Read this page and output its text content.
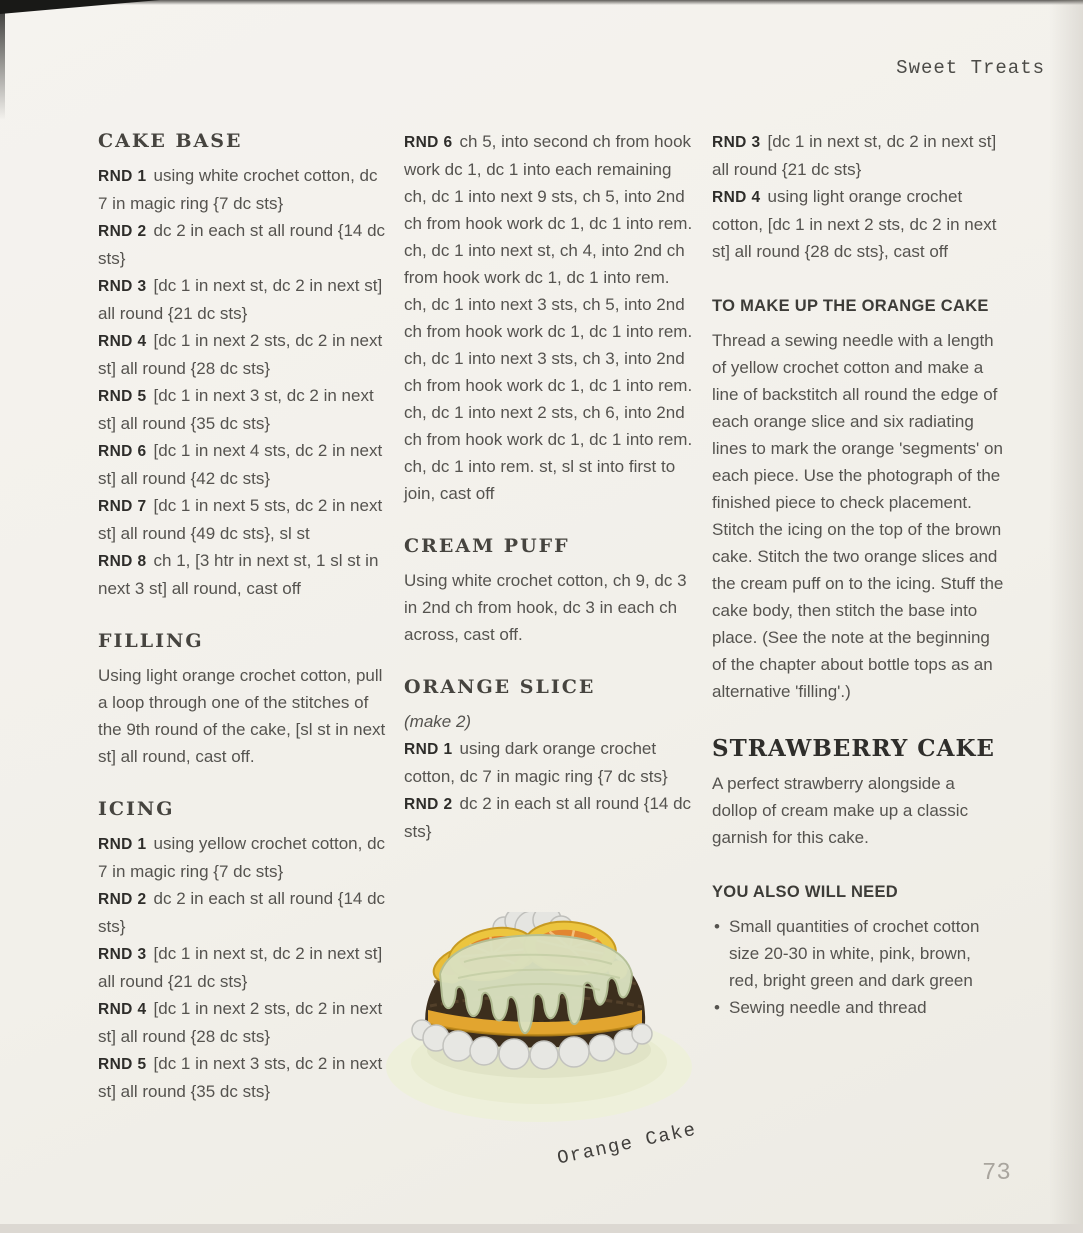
Sweet Treats
CAKE BASE

RND 1 using white crochet cotton, dc 7 in magic ring {7 dc sts}

RND 2 dc 2 in each st all round {14 dc sts}

RND 3 [dc 1 in next st, dc 2 in next st] all round {21 dc sts}

RND 4 [dc 1 in next 2 sts, dc 2 in next st] all round {28 dc sts}

RND 5 [dc 1 in next 3 st, dc 2 in next st] all round {35 dc sts}

RND 6 [dc 1 in next 4 sts, dc 2 in next st] all round {42 dc sts}

RND 7 [dc 1 in next 5 sts, dc 2 in next st] all round {49 dc sts}, sl st

RND 8 ch 1, [3 htr in next st, 1 sl st in next 3 st] all round, cast off

FILLING

Using light orange crochet cotton, pull a loop through one of the stitches of the 9th round of the cake, [sl st in next st] all round, cast off.

ICING

RND 1 using yellow crochet cotton, dc 7 in magic ring {7 dc sts}

RND 2 dc 2 in each st all round {14 dc sts}

RND 3 [dc 1 in next st, dc 2 in next st] all round {21 dc sts}

RND 4 [dc 1 in next 2 sts, dc 2 in next st] all round {28 dc sts}

RND 5 [dc 1 in next 3 sts, dc 2 in next st] all round {35 dc sts}

RND 6 ch 5, into second ch from hook work dc 1, dc 1 into each remaining ch, dc 1 into next 9 sts, ch 5, into 2nd ch from hook work dc 1, dc 1 into rem. ch, dc 1 into next st, ch 4, into 2nd ch from hook work dc 1, dc 1 into rem. ch, dc 1 into next 3 sts, ch 5, into 2nd ch from hook work dc 1, dc 1 into rem. ch, dc 1 into next 3 sts, ch 3, into 2nd ch from hook work dc 1, dc 1 into rem. ch, dc 1 into next 2 sts, ch 6, into 2nd ch from hook work dc 1, dc 1 into rem. ch, dc 1 into rem. st, sl st into first to join, cast off

CREAM PUFF

Using white crochet cotton, ch 9, dc 3 in 2nd ch from hook, dc 3 in each ch across, cast off.

ORANGE SLICE

(make 2)

RND 1 using dark orange crochet cotton, dc 7 in magic ring {7 dc sts}

RND 2 dc 2 in each st all round {14 dc sts}

RND 3 [dc 1 in next st, dc 2 in next st] all round {21 dc sts}

RND 4 using light orange crochet cotton, [dc 1 in next 2 sts, dc 2 in next st] all round {28 dc sts}, cast off

TO MAKE UP THE ORANGE CAKE

Thread a sewing needle with a length of yellow crochet cotton and make a line of backstitch all round the edge of each orange slice and six radiating lines to mark the orange 'segments' on each piece. Use the photograph of the finished piece to check placement. Stitch the icing on the top of the brown cake. Stitch the two orange slices and the cream puff on to the icing. Stuff the cake body, then stitch the base into place. (See the note at the beginning of the chapter about bottle tops as an alternative 'filling'.)

STRAWBERRY CAKE

A perfect strawberry alongside a dollop of cream make up a classic garnish for this cake.

YOU ALSO WILL NEED
• Small quantities of crochet cotton size 20-30 in white, pink, brown, red, bright green and dark green
• Sewing needle and thread
Orange Cake
73
